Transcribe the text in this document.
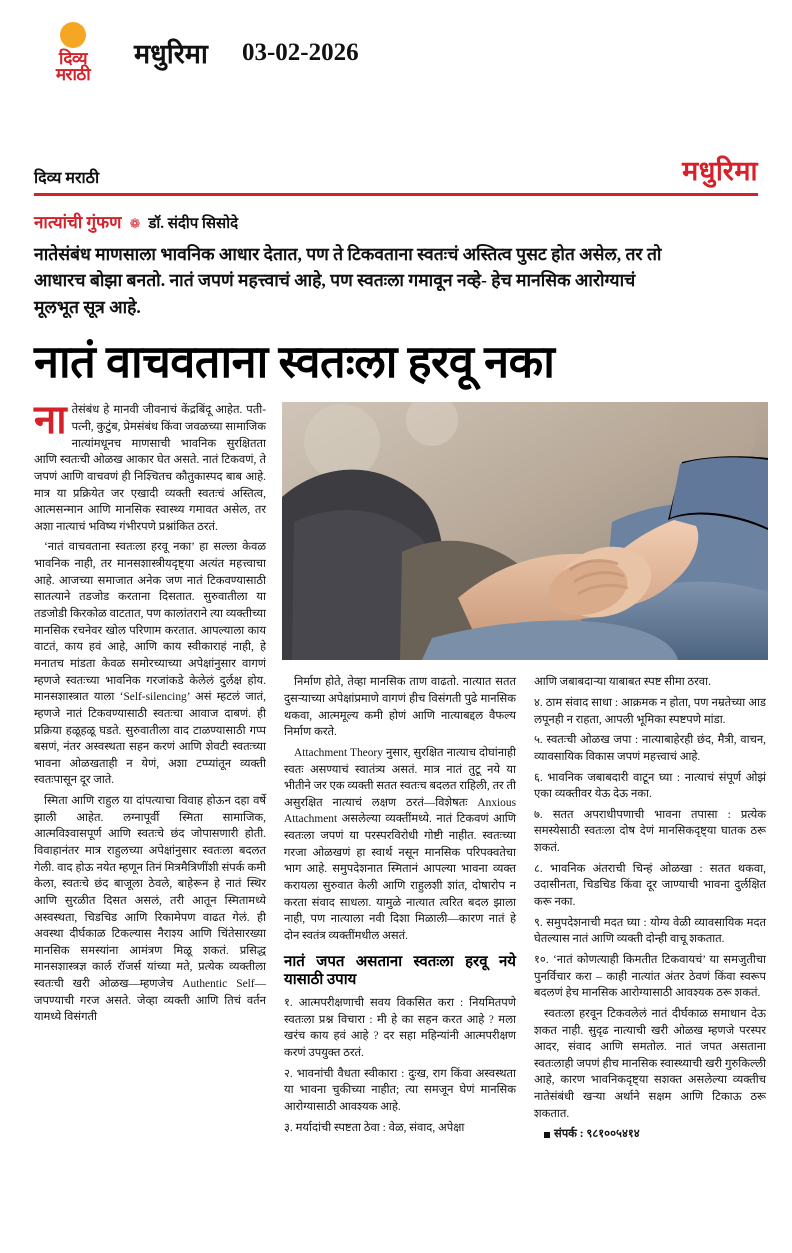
दिव्य
मराठी
मधुरिमा 03-02-2026
दिव्य मराठी	मधुरिमा
नात्यांची गुंफण ❁ डॉ. संदीप सिसोदे
नातेसंबंध माणसाला भावनिक आधार देतात, पण ते टिकवताना स्वतःचं अस्तित्व पुसट होत असेल, तर तो आधारच बोझा बनतो. नातं जपणं महत्त्वाचं आहे, पण स्वतःला गमावून नव्हे- हेच मानसिक आरोग्याचं मूलभूत सूत्र आहे.
नातं वाचवताना स्वतःला हरवू नका

नातेसंबंध हे मानवी जीवनाचं केंद्रबिंदू आहेत. पती-पत्नी, कुटुंब, प्रेमसंबंध किंवा जवळच्या सामाजिक नात्यांमधूनच माणसाची भावनिक सुरक्षितता आणि स्वतःची ओळख आकार घेत असते. नातं टिकवणं, ते जपणं आणि वाचवणं ही निश्चितच कौतुकास्पद बाब आहे. मात्र या प्रक्रियेत जर एखादी व्यक्ती स्वतःचं अस्तित्व, आत्मसन्मान आणि मानसिक स्वास्थ्य गमावत असेल, तर अशा नात्याचं भविष्य गंभीरपणे प्रश्नांकित ठरतं.

‘नातं वाचवताना स्वतःला हरवू नका’ हा सल्ला केवळ भावनिक नाही, तर मानसशास्त्रीयदृष्ट्या अत्यंत महत्त्वाचा आहे. आजच्या समाजात अनेक जण नातं टिकवण्यासाठी सातत्याने तडजोड करताना दिसतात. सुरुवातीला या तडजोडी किरकोळ वाटतात, पण कालांतराने त्या व्यक्तीच्या मानसिक रचनेवर खोल परिणाम करतात. आपल्याला काय वाटतं, काय हवं आहे, आणि काय स्वीकाराहं नाही, हे मनातच मांडता केवळ समोरच्याच्या अपेक्षांनुसार वागणं म्हणजे स्वतःच्या भावनिक गरजांकडे केलेलं दुर्लक्ष होय. मानसशास्त्रात याला ‘Self-silencing’ असं म्हटलं जातं, म्हणजे नातं टिकवण्यासाठी स्वतःचा आवाज दाबणं. ही प्रक्रिया हळूहळू घडते. सुरुवातीला वाद टाळण्यासाठी गप्प बसणं, नंतर अस्वस्थता सहन करणं आणि शेवटी स्वतःच्या भावना ओळखताही न येणं, अशा टप्प्यांतून व्यक्ती स्वतःपासून दूर जाते.

स्मिता आणि राहुल या दांपत्याचा विवाह होऊन दहा वर्षे झाली आहेत. लग्नापूर्वी स्मिता सामाजिक, आत्मविश्वासपूर्ण आणि स्वतःचे छंद जोपासणारी होती. विवाहानंतर मात्र राहुलच्या अपेक्षांनुसार स्वतःला बदलत गेली. वाद होऊ नयेत म्हणून तिनं मित्रमैत्रिणींशी संपर्क कमी केला, स्वतःचे छंद बाजूला ठेवले, बाहेरून हे नातं स्थिर आणि सुरळीत दिसत असलं, तरी आतून स्मितामध्ये अस्वस्थता, चिडचिड आणि रिकामेपण वाढत गेलं. ही अवस्था दीर्घकाळ टिकल्यास नैराश्य आणि चिंतेसारख्या मानसिक समस्यांना आमंत्रण मिळू शकतं. प्रसिद्ध मानसशास्त्रज्ञ कार्ल रॉजर्स यांच्या मते, प्रत्येक व्यक्तीला स्वतःची खरी ओळख—म्हणजेच Authentic Self—जपण्याची गरज असते. जेव्हा व्यक्ती आणि तिचं वर्तन यामध्ये विसंगती

निर्माण होते, तेव्हा मानसिक ताण वाढतो. नात्यात सतत दुसऱ्याच्या अपेक्षांप्रमाणे वागणं हीच विसंगती पुढे मानसिक थकवा, आत्ममूल्य कमी होणं आणि नात्याबद्दल वैफल्य निर्माण करते.

Attachment Theory नुसार, सुरक्षित नात्याच दोघांनाही स्वतः असण्याचं स्वातंत्र्य असतं. मात्र नातं तुटू नये या भीतीने जर एक व्यक्ती सतत स्वतःच बदलत राहिली, तर ती असुरक्षित नात्याचं लक्षण ठरतं—विशेषतः Anxious Attachment असलेल्या व्यक्तींमध्ये. नातं टिकवणं आणि स्वतःला जपणं या परस्परविरोधी गोष्टी नाहीत. स्वतःच्या गरजा ओळखणं हा स्वार्थ नसून मानसिक परिपक्वतेचा भाग आहे. समुपदेशनात स्मितानं आपल्या भावना व्यक्त करायला सुरुवात केली आणि राहुलशी शांत, दोषारोप न करता संवाद साधला. यामुळे नात्यात त्वरित बदल झाला नाही, पण नात्याला नवी दिशा मिळाली—कारण नातं हे दोन स्वतंत्र व्यक्तींमधील असतं.

नातं जपत असताना स्वतःला हरवू नये यासाठी उपाय

१. आत्मपरीक्षणाची सवय विकसित करा : नियमितपणे स्वतःला प्रश्न विचारा : मी हे का सहन करत आहे ? मला खरंच काय हवं आहे ? दर सहा महिन्यांनी आत्मपरीक्षण करणं उपयुक्त ठरतं.

२. भावनांची वैधता स्वीकारा : दुःख, राग किंवा अस्वस्थता या भावना चुकीच्या नाहीत; त्या समजून घेणं मानसिक आरोग्यासाठी आवश्यक आहे.

३. मर्यादांची स्पष्टता ठेवा : वेळ, संवाद, अपेक्षा

आणि जबाबदाऱ्या याबाबत स्पष्ट सीमा ठरवा.

४. ठाम संवाद साधा : आक्रमक न होता, पण नम्रतेच्या आड लपूनही न राहता, आपली भूमिका स्पष्टपणे मांडा.

५. स्वतःची ओळख जपा : नात्याबाहेरही छंद, मैत्री, वाचन, व्यावसायिक विकास जपणं महत्त्वाचं आहे.

६. भावनिक जबाबदारी वाटून घ्या : नात्याचं संपूर्ण ओझं एका व्यक्तीवर येऊ देऊ नका.

७. सतत अपराधीपणाची भावना तपासा : प्रत्येक समस्येसाठी स्वतःला दोष देणं मानसिकदृष्ट्या घातक ठरू शकतं.

८. भावनिक अंतराची चिन्हं ओळखा : सतत थकवा, उदासीनता, चिडचिड किंवा दूर जाण्याची भावना दुर्लक्षित करू नका.

९. समुपदेशनाची मदत घ्या : योग्य वेळी व्यावसायिक मदत घेतल्यास नातं आणि व्यक्ती दोन्ही वाचू शकतात.

१०. ‘नातं कोणत्याही किमतीत टिकवायचं’ या समजुतीचा पुनर्विचार करा – काही नात्यांत अंतर ठेवणं किंवा स्वरूप बदलणं हेच मानसिक आरोग्यासाठी आवश्यक ठरू शकतं.

स्वतःला हरवून टिकवलेलं नातं दीर्घकाळ समाधान देऊ शकत नाही. सुदृढ नात्याची खरी ओळख म्हणजे परस्पर आदर, संवाद आणि समतोल. नातं जपत असताना स्वतःलाही जपणं हीच मानसिक स्वास्थ्याची खरी गुरुकिल्ली आहे, कारण भावनिकदृष्ट्या सशक्त असलेल्या व्यक्तीच नातेसंबंधी खऱ्या अर्थाने सक्षम आणि टिकाऊ ठरू शकतात.

संपर्क : ९८१००५४१४
